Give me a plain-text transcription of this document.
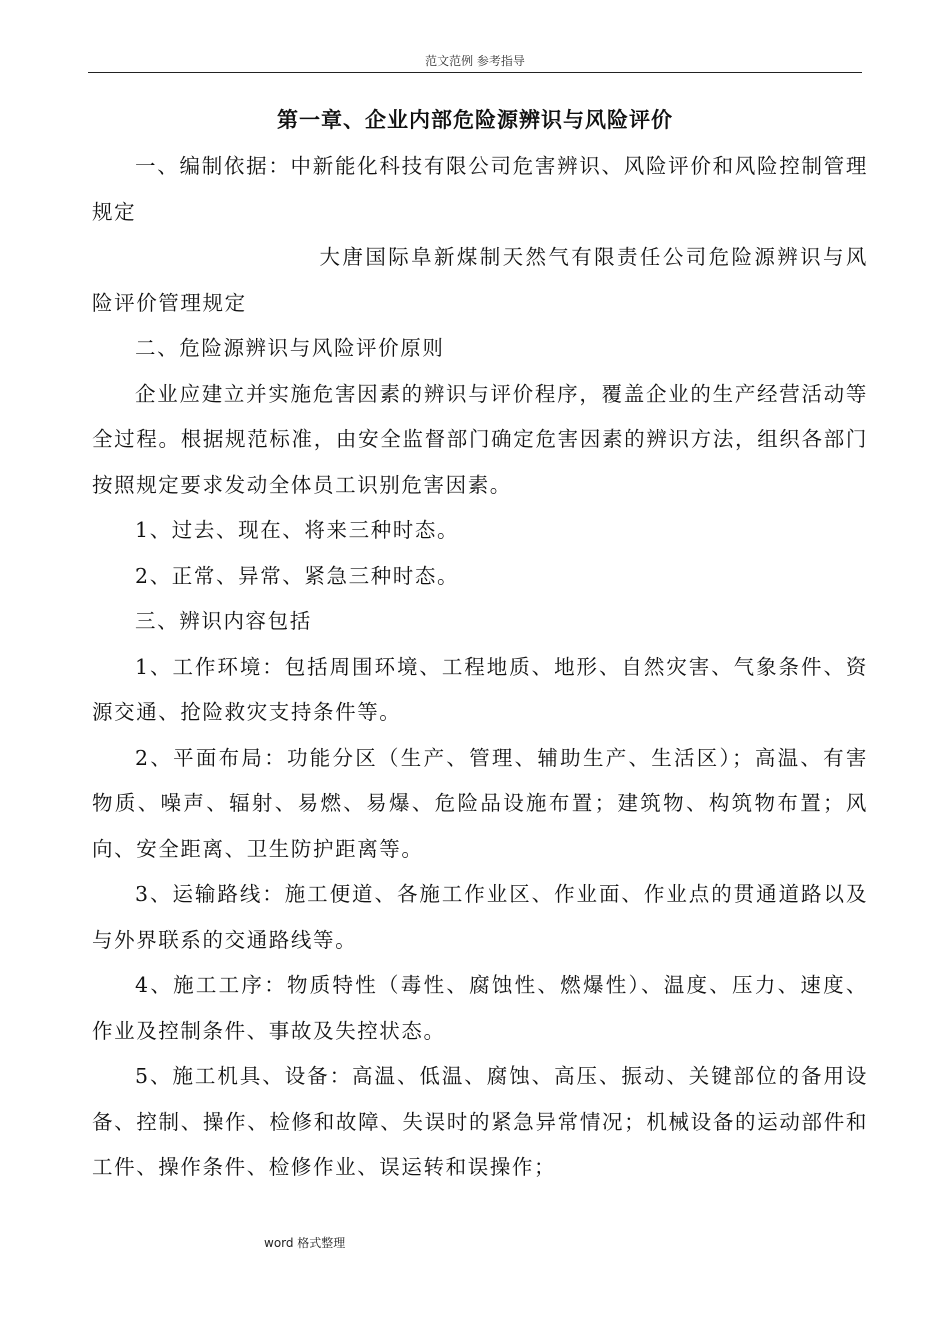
范文范例 参考指导
第一章、企业内部危险源辨识与风险评价

一、编制依据：中新能化科技有限公司危害辨识、风险评价和风险控制管理规定

大唐国际阜新煤制天然气有限责任公司危险源辨识与风险评价管理规定

二、危险源辨识与风险评价原则

企业应建立并实施危害因素的辨识与评价程序，覆盖企业的生产经营活动等全过程。根据规范标准，由安全监督部门确定危害因素的辨识方法，组织各部门按照规定要求发动全体员工识别危害因素。

1、过去、现在、将来三种时态。

2、正常、异常、紧急三种时态。

三、辨识内容包括

1、工作环境：包括周围环境、工程地质、地形、自然灾害、气象条件、资源交通、抢险救灾支持条件等。

2、平面布局：功能分区（生产、管理、辅助生产、生活区）；高温、有害物质、噪声、辐射、易燃、易爆、危险品设施布置；建筑物、构筑物布置；风向、安全距离、卫生防护距离等。

3、运输路线：施工便道、各施工作业区、作业面、作业点的贯通道路以及与外界联系的交通路线等。

4、施工工序：物质特性（毒性、腐蚀性、燃爆性）、温度、压力、速度、作业及控制条件、事故及失控状态。

5、施工机具、设备：高温、低温、腐蚀、高压、振动、关键部位的备用设备、控制、操作、检修和故障、失误时的紧急异常情况；机械设备的运动部件和工件、操作条件、检修作业、误运转和误操作；

word 格式整理
